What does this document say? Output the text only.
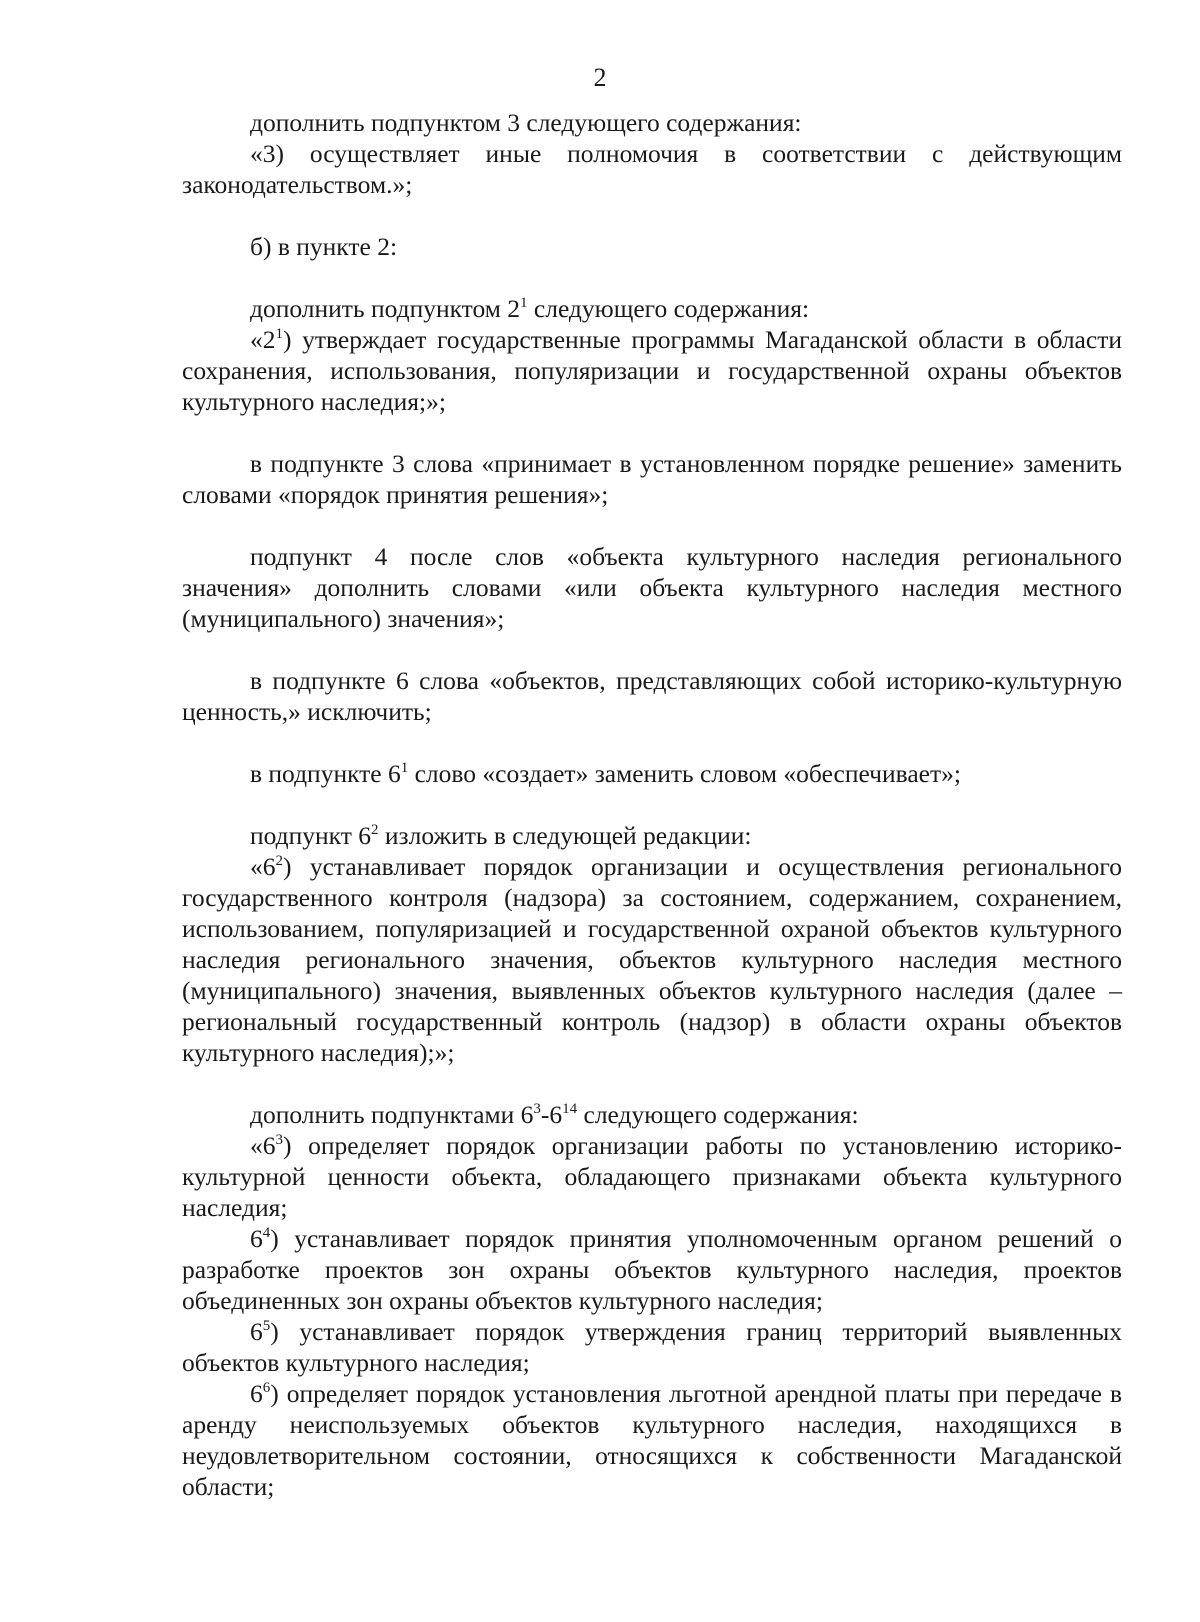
2

дополнить подпунктом 3 следующего содержания:

«3) осуществляет иные полномочия в соответствии с действующим законодательством.»;

б) в пункте 2:

дополнить подпунктом $2^1$ следующего содержания:

«$2^1$) утверждает государственные программы Магаданской области в области сохранения, использования, популяризации и государственной охраны объектов культурного наследия;»;

в подпункте 3 слова «принимает в установленном порядке решение» заменить словами «порядок принятия решения»;

подпункт 4 после слов «объекта культурного наследия регионального значения» дополнить словами «или объекта культурного наследия местного (муниципального) значения»;

в подпункте 6 слова «объектов, представляющих собой историко-культурную ценность,» исключить;

в подпункте $6^1$ слово «создает» заменить словом «обеспечивает»;

подпункт $6^2$ изложить в следующей редакции:

«$6^2$) устанавливает порядок организации и осуществления регионального государственного контроля (надзора) за состоянием, содержанием, сохранением, использованием, популяризацией и государственной охраной объектов культурного наследия регионального значения, объектов культурного наследия местного (муниципального) значения, выявленных объектов культурного наследия (далее – региональный государственный контроль (надзор) в области охраны объектов культурного наследия);»;

дополнить подпунктами $6^3-6^{14}$ следующего содержания:

«$6^3$) определяет порядок организации работы по установлению историко-культурной ценности объекта, обладающего признаками объекта культурного наследия;

$6^4$) устанавливает порядок принятия уполномоченным органом решений о разработке проектов зон охраны объектов культурного наследия, проектов объединенных зон охраны объектов культурного наследия;

$6^5$) устанавливает порядок утверждения границ территорий выявленных объектов культурного наследия;

$6^6$) определяет порядок установления льготной арендной платы при передаче в аренду неиспользуемых объектов культурного наследия, находящихся в неудовлетворительном состоянии, относящихся к собственности Магаданской области;
